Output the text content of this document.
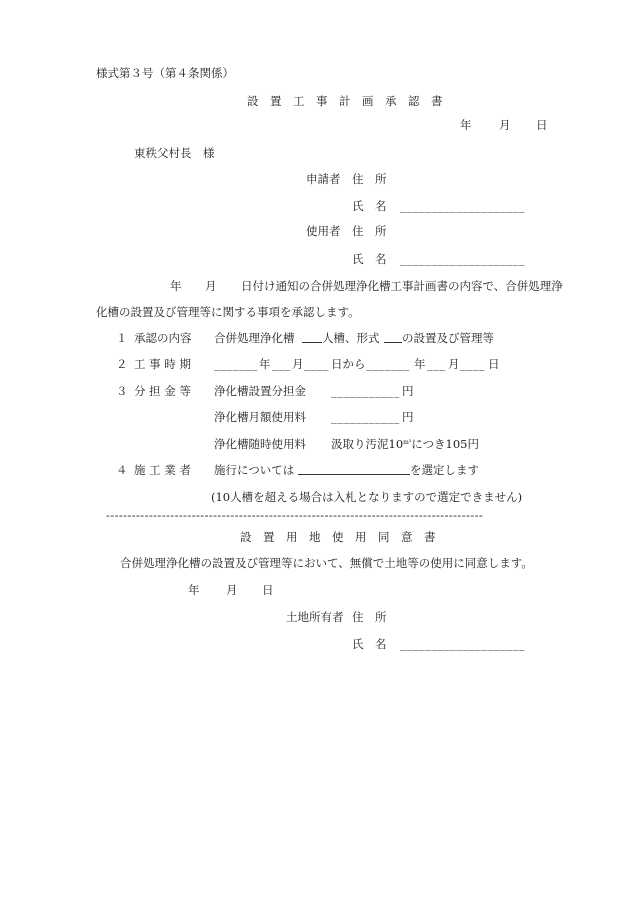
様式第３号（第４条関係）
設　置　工　事　計　画　承　認　書
年 月 日
東秩父村長　様
申請者 住　所
氏　名 ____________________
使用者 住　所
氏　名 ____________________
年 月 日付け通知の合併処理浄化槽工事計画書の内容で、合併処理浄
化槽の設置及び管理等に関する事項を承認します。
１ 承認の内容 合併処理浄化槽 人槽、形式 の設置及び管理等
２ 工 事 時 期 _______ 年 ___ 月 ____ 日から _______ 年 ___ 月 ____ 日
３ 分 担 金 等 浄化槽設置分担金 ___________ 円
浄化槽月額使用料 ___________ 円
浄化槽随時使用料 汲取り汚泥10m³につき105円
４ 施 工 業 者 施行については	を選定します
(10人槽を超える場合は入札となりますので選定できません)
----------------------------------------------------------------------------------------
設　置　用　地　使　用　同　意　書
合併処理浄化槽の設置及び管理等において、無償で土地等の使用に同意します。
年 月 日
土地所有者 住　所
氏　名 ____________________
